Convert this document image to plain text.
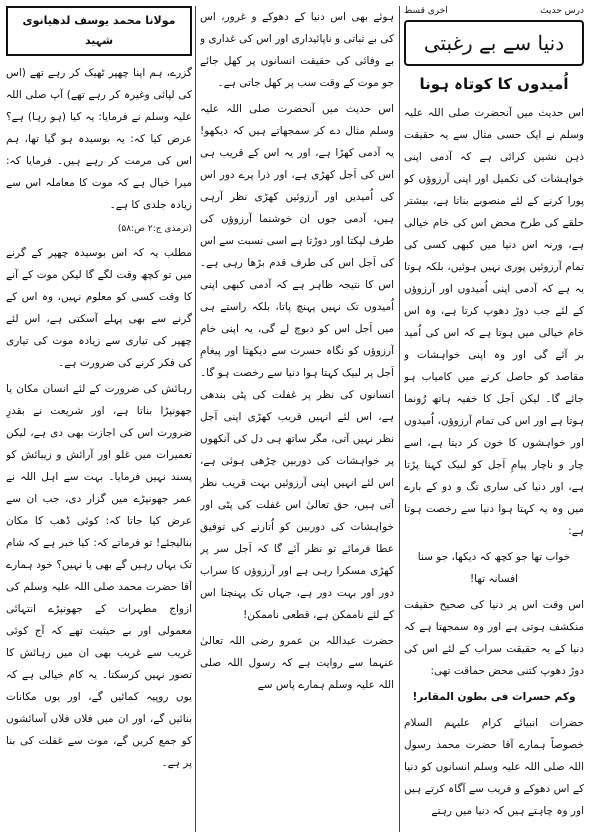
درس حدیث
آخری قسط
دنیا سے بے رغبتی
اُمیدوں کا کوتاہ ہونا

اس حدیث میں آنحضرت صلی اللہ علیہ وسلم نے ایک حسی مثال سے یہ حقیقت ذہن نشین کرائی ہے کہ آدمی اپنی خواہشات کی تکمیل اور اپنی آرزوؤں کو پورا کرنے کے لئے منصوبے بناتا ہے، بیشتر حلقے کی طرح محض اس کی خام خیالی ہے، ورنہ اس دنیا میں کبھی کسی کی تمام آرزوئیں پوری نہیں ہوئیں، بلکہ ہوتا یہ ہے کہ آدمی اپنی اُمیدوں اور آرزوؤں کے لئے جب دوڑ دھوپ کرتا ہے، وہ اس خام خیالی میں ہوتا ہے کہ اس کی اُمید بر آئے گی اور وہ اپنی خواہشات و مقاصد کو حاصل کرنے میں کامیاب ہو جائے گا۔ لیکن اَجل کا خفیہ ہاتھ رُونما ہوتا ہے اور اس کی تمام آرزوؤں، اُمیدوں اور خواہشوں کا خون کر دیتا ہے، اسے چار و ناچار پیامِ اَجل کو لبیک کہنا پڑتا ہے، اور دنیا کی ساری تگ و دو کے بارے میں وہ یہ کہتا ہوا دنیا سے رخصت ہوتا ہے:

خواب تھا جو کچھ کہ دیکھا، جو سنا افسانہ تھا!

اس وقت اس پر دنیا کی صحیح حقیقت منکشف ہوتی ہے اور وہ سمجھتا ہے کہ دنیا کے یہ حقیقت سراب کے لئے اس کی دوڑ دھوپ کتنی محض حماقت تھی:

وکم حسرات فی بطون المقابر!

حضرات انبیائے کرام علیہم السلام خصوصاً ہمارے آقا حضرت محمد رسول اللہ صلی اللہ علیہ وسلم انسانوں کو دنیا کے اس دھوکے و فریب سے آگاہ کرتے ہیں اور وہ چاہتے ہیں کہ دنیا میں رہتے

ہوئے بھی اس دنیا کے دھوکے و غرور، اس کی بے ثباتی و ناپائیداری اور اس کی غداری و بے وفائی کی حقیقت انسانوں پر کھل جائے جو موت کے وقت سب پر کھل جاتی ہے۔

اس حدیث میں آنحضرت صلی اللہ علیہ وسلم مثال دے کر سمجھاتے ہیں کہ دیکھو! یہ آدمی کھڑا ہے، اور یہ اس کے قریب ہی اس کی اَجل کھڑی ہے، اور ذرا پرے دور اس کی اُمیدیں اور آرزوئیں کھڑی نظر آرہی ہیں، آدمی جوں ان خوشنما آرزوؤں کی طرف لپکتا اور دوڑتا ہے اسی نسبت سے اس کی اَجل اس کی طرف قدم بڑھا رہی ہے۔ اس کا نتیجہ ظاہر ہے کہ آدمی کبھی اپنی اُمیدوں تک نہیں پہنچ پاتا، بلکہ راستے ہی میں اَجل اس کو دبوچ لے گی، یہ اپنی خام آرزوؤں کو نگاہ حسرت سے دیکھتا اور پیغامِ اَجل پر لبیک کہتا ہوا دنیا سے رخصت ہو گا۔ انسانوں کی نظر پر غفلت کی پٹی بندھی ہے، اس لئے انہیں قریب کھڑی اپنی اَجل نظر نہیں آتی، مگر ساتھ ہی دل کی آنکھوں پر خواہشات کی دوربین چڑھی ہوئی ہے، اس لئے انہیں اپنی آرزوئیں بہت قریب نظر آتی ہیں، حق تعالیٰ اس غفلت کی پٹی اور خواہشات کی دوربین کو اُتارنے کی توفیق عطا فرمائے تو نظر آئے گا کہ اَجل سر پر کھڑی مسکرا رہی ہے اور آرزوؤں کا سراب دور اور بہت دور ہے، جہاں تک پہنچنا اس کے لئے ناممکن ہے، قطعی ناممکن!

حضرت عبداللہ بن عمرو رضی اللہ تعالیٰ عنہما سے روایت ہے کہ رسول اللہ صلی اللہ علیہ وسلم ہمارے پاس سے

مولانا محمد یوسف لدھیانوی شہید

گزرے، ہم اپنا چھپر ٹھیک کر رہے تھے (اس کی لپائی وغیرہ کر رہے تھے) آپ صلی اللہ علیہ وسلم نے فرمایا: یہ کیا (ہو رہا) ہے؟ عرض کیا کہ: یہ بوسیدہ ہو گیا تھا، ہم اس کی مرمت کر رہے ہیں۔ فرمایا کہ: میرا خیال ہے کہ موت کا معاملہ اس سے زیادہ جلدی کا ہے۔

(ترمذی ج:۲ ص:۵۸)

مطلب یہ کہ اس بوسیدہ چھپر کے گرنے میں تو کچھ وقت لگے گا لیکن موت کے آنے کا وقت کسی کو معلوم نہیں، وہ اس کے گرنے سے بھی پہلے آسکتی ہے، اس لئے چھپر کی تیاری سے زیادہ موت کی تیاری کی فکر کرنے کی ضرورت ہے۔

رہائش کی ضرورت کے لئے انسان مکان یا جھونپڑا بناتا ہے، اور شریعت نے بقدرِ ضرورت اس کی اجازت بھی دی ہے، لیکن تعمیرات میں غلو اور آرائش و زیبائش کو پسند نہیں فرمایا۔ بہت سے اہل اللہ نے عمر جھونپڑے میں گزار دی، جب ان سے عرض کیا جاتا کہ: کوئی ڈھب کا مکان بنالیجئے! تو فرماتے کہ: کیا خبر ہے کہ شام تک یہاں رہیں گے بھی یا نہیں؟ خود ہمارے آقا حضرت محمد صلی اللہ علیہ وسلم کی ازواج مطہرات کے جھونپڑے انتہائی معمولی اور بے حیثیت تھے کہ آج کوئی غریب سے غریب بھی ان میں رہائش کا تصور نہیں کرسکتا۔ یہ کام خیالی ہے کہ یوں روپیہ کمائیں گے، اور یوں مکانات بنائیں گے، اور ان میں فلاں فلاں آسائشوں کو جمع کریں گے، موت سے غفلت کی بنا پر ہے۔
